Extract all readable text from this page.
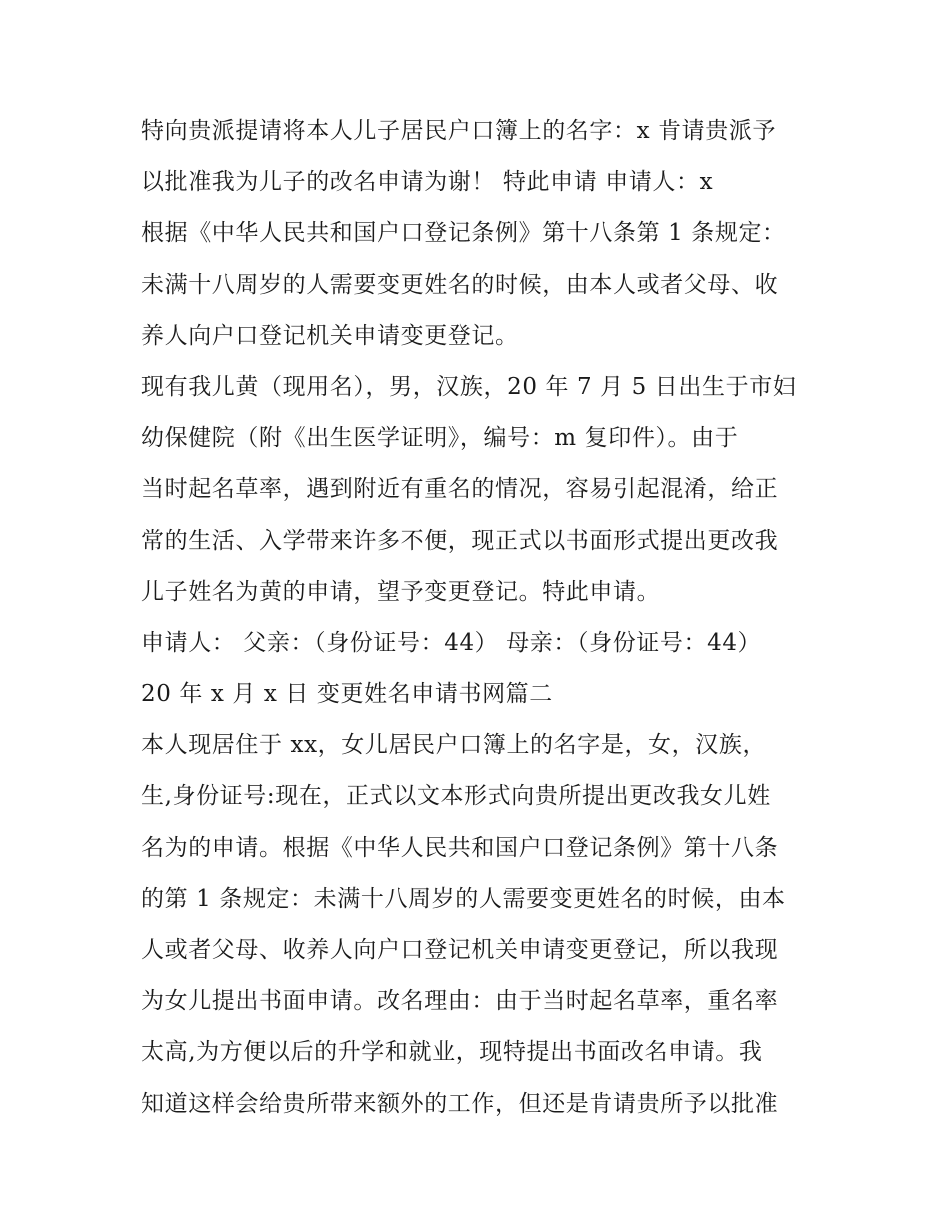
特向贵派提请将本人儿子居民户口簿上的名字：x 肯请贵派予
以批准我为儿子的改名申请为谢！ 特此申请 申请人：x
根据《中华人民共和国户口登记条例》第十八条第 1 条规定：
未满十八周岁的人需要变更姓名的时候，由本人或者父母、收
养人向户口登记机关申请变更登记。
现有我儿黄（现用名），男，汉族，20 年 7 月 5 日出生于市妇
幼保健院（附《出生医学证明》，编号：m 复印件）。由于
当时起名草率，遇到附近有重名的情况，容易引起混淆，给正
常的生活、入学带来许多不便，现正式以书面形式提出更改我
儿子姓名为黄的申请，望予变更登记。特此申请。
申请人： 父亲：（身份证号：44） 母亲：（身份证号：44）
20 年 x 月 x 日 变更姓名申请书网篇二
本人现居住于 xx，女儿居民户口簿上的名字是，女，汉族，
生,身份证号:现在，正式以文本形式向贵所提出更改我女儿姓
名为的申请。根据《中华人民共和国户口登记条例》第十八条
的第 1 条规定：未满十八周岁的人需要变更姓名的时候，由本
人或者父母、收养人向户口登记机关申请变更登记，所以我现
为女儿提出书面申请。改名理由：由于当时起名草率，重名率
太高,为方便以后的升学和就业，现特提出书面改名申请。我
知道这样会给贵所带来额外的工作，但还是肯请贵所予以批准
